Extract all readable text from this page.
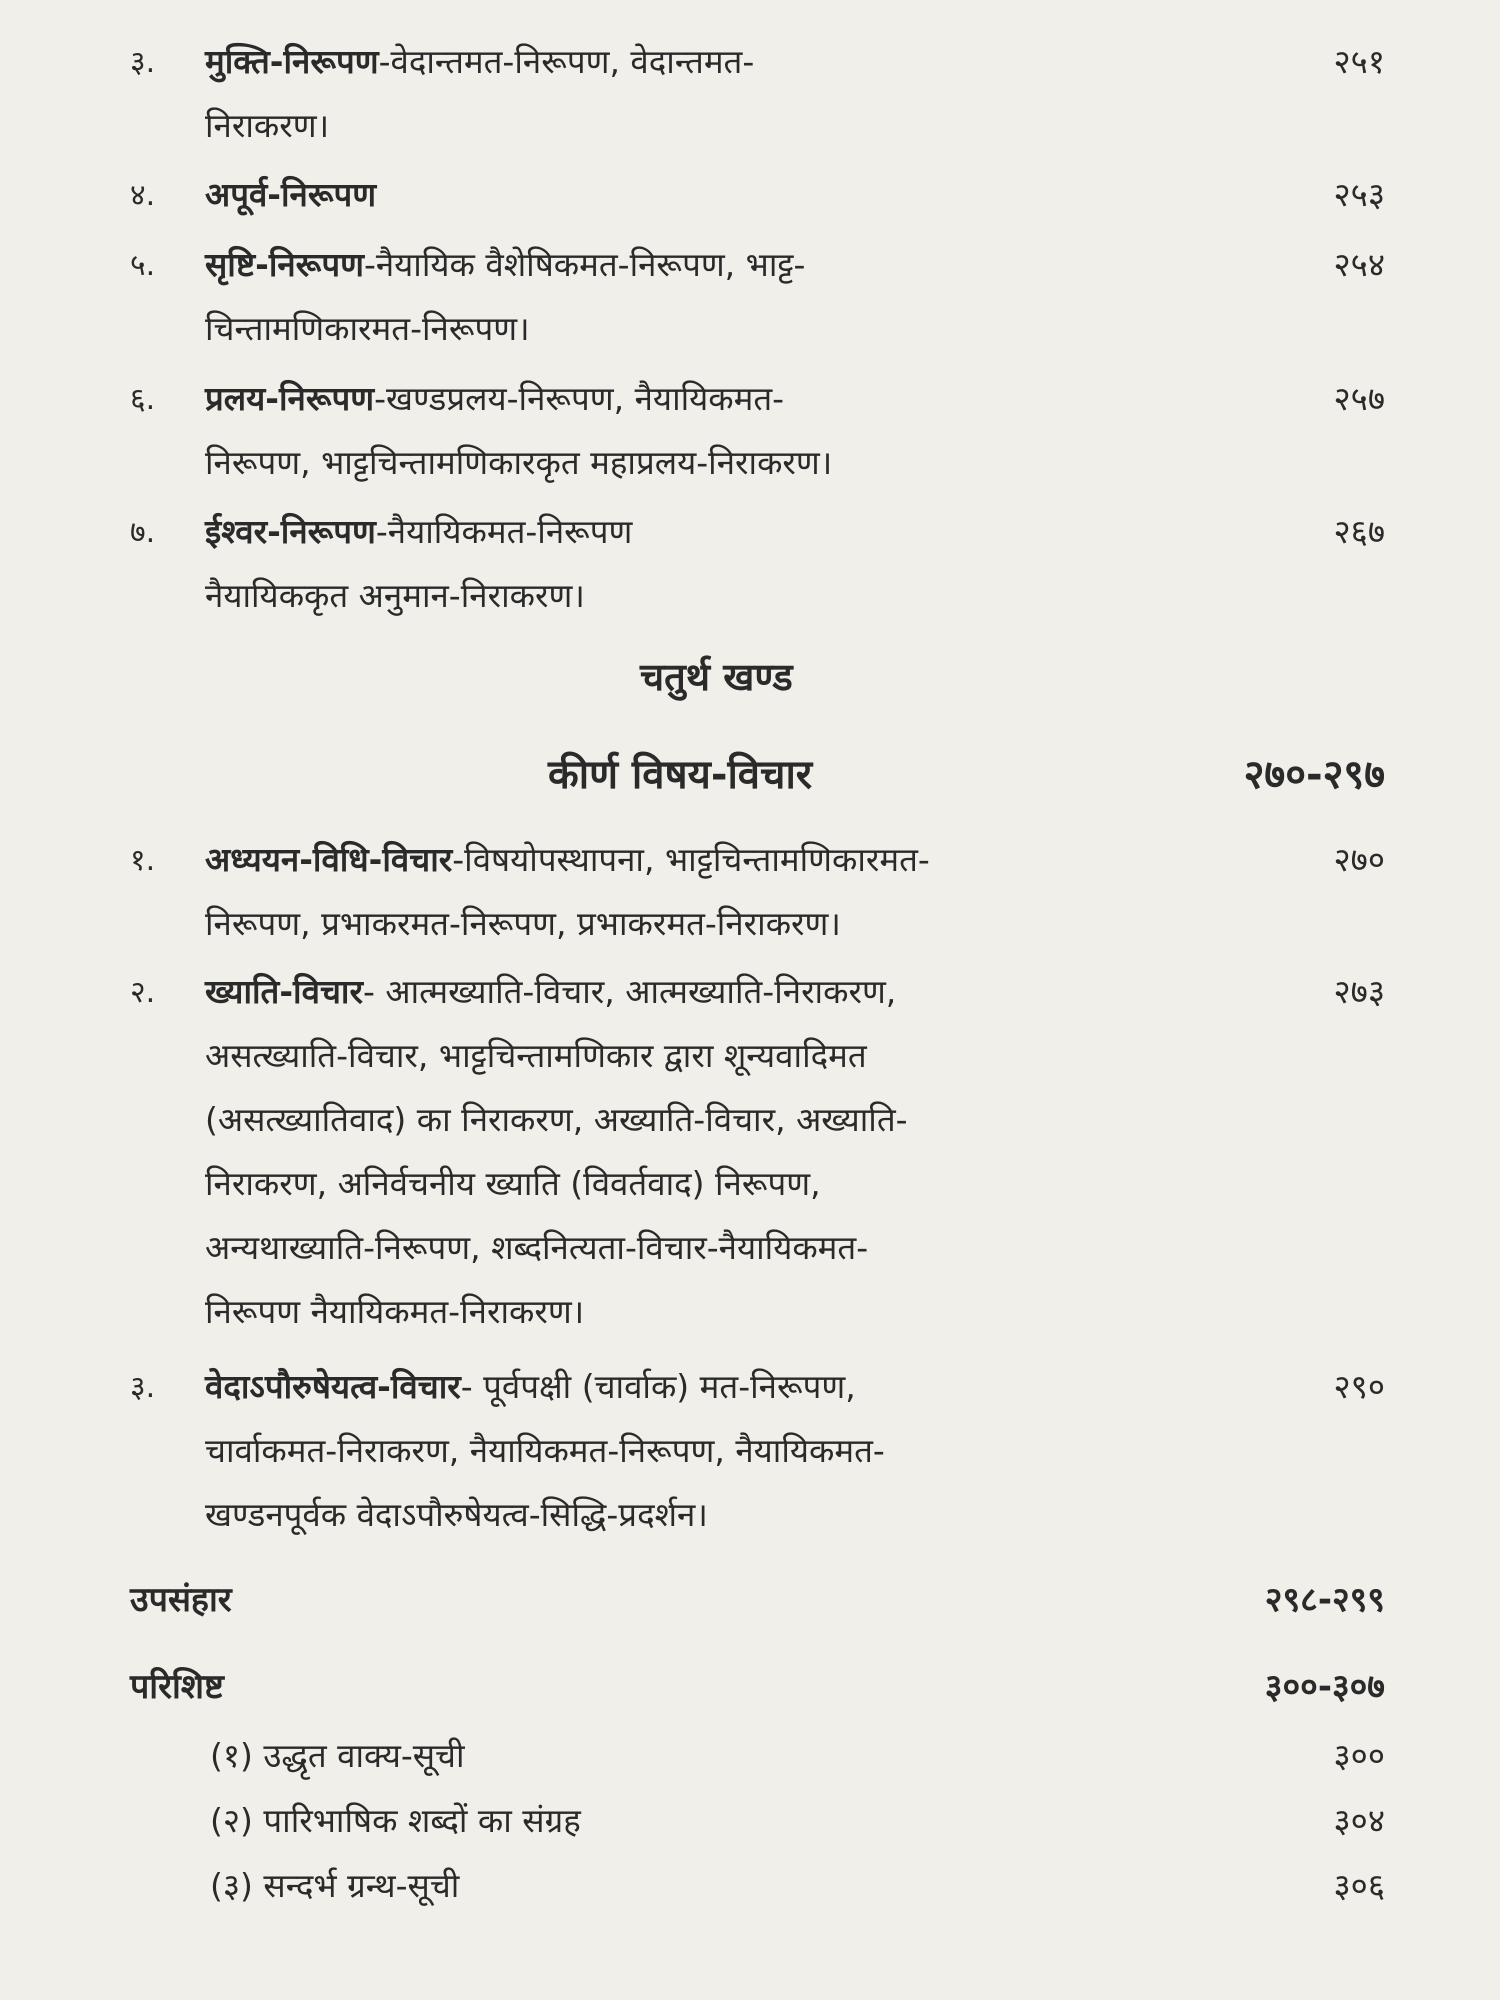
३.	मुक्ति-निरूपण-वेदान्तमत-निरूपण, वेदान्तमत-	२५१
निराकरण।
४.	अपूर्व-निरूपण	२५३
५.	सृष्टि-निरूपण-नैयायिक वैशेषिकमत-निरूपण, भाट्ट-	२५४
चिन्तामणिकारमत-निरूपण।
६.	प्रलय-निरूपण-खण्डप्रलय-निरूपण, नैयायिकमत-	२५७
निरूपण, भाट्टचिन्तामणिकारकृत महाप्रलय-निराकरण।
७.	ईश्वर-निरूपण-नैयायिकमत-निरूपण	२६७
नैयायिककृत अनुमान-निराकरण।
चतुर्थ खण्ड
कीर्ण विषय-विचार	२७०-२९७
१.	अध्ययन-विधि-विचार-विषयोपस्थापना, भाट्टचिन्तामणिकारमत-	२७०
निरूपण, प्रभाकरमत-निरूपण, प्रभाकरमत-निराकरण।
२.	ख्याति-विचार- आत्मख्याति-विचार, आत्मख्याति-निराकरण,	२७३
असत्ख्याति-विचार, भाट्टचिन्तामणिकार द्वारा शून्यवादिमत
(असत्ख्यातिवाद) का निराकरण, अख्याति-विचार, अख्याति-
निराकरण, अनिर्वचनीय ख्याति (विवर्तवाद) निरूपण,
अन्यथाख्याति-निरूपण, शब्दनित्यता-विचार-नैयायिकमत-
निरूपण नैयायिकमत-निराकरण।
३.	वेदाऽपौरुषेयत्व-विचार- पूर्वपक्षी (चार्वाक) मत-निरूपण,	२९०
चार्वाकमत-निराकरण, नैयायिकमत-निरूपण, नैयायिकमत-
खण्डनपूर्वक वेदाऽपौरुषेयत्व-सिद्धि-प्रदर्शन।
उपसंहार	२९८-२९९
परिशिष्ट	३००-३०७
(१) उद्धृत वाक्य-सूची	३००
(२) पारिभाषिक शब्दों का संग्रह	३०४
(३) सन्दर्भ ग्रन्थ-सूची	३०६
